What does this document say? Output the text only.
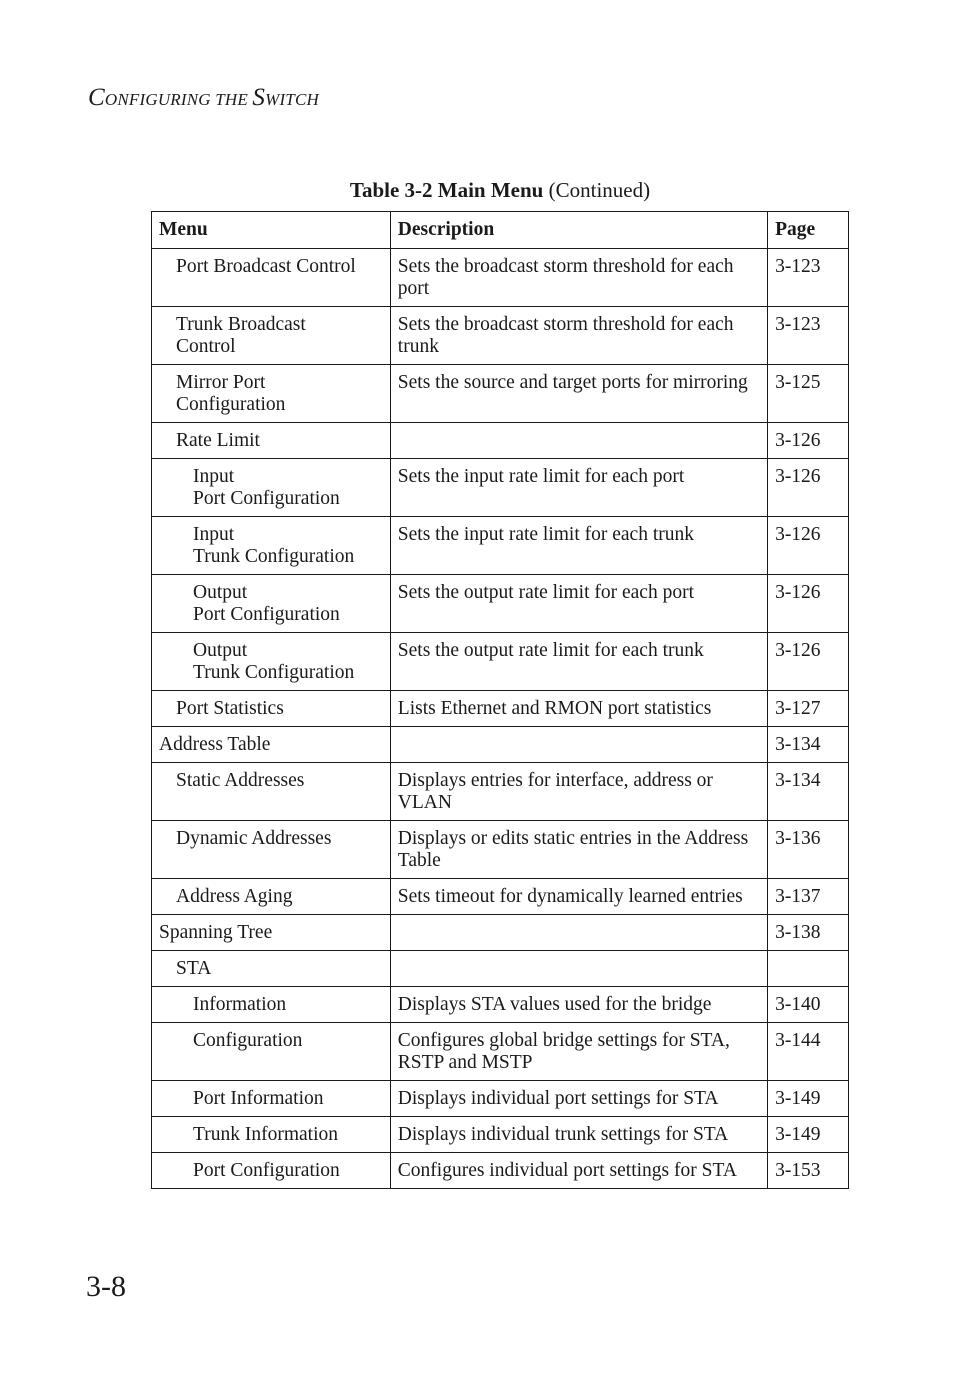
CONFIGURING THE SWITCH
Table 3-2 Main Menu (Continued)
Menu	Description	Page

Port Broadcast Control	Sets the broadcast storm threshold for each port	3-123

Trunk Broadcast
Control	Sets the broadcast storm threshold for each trunk	3-123

Mirror Port
Configuration	Sets the source and target ports for mirroring	3-125

Rate Limit		3-126

Input
Port Configuration	Sets the input rate limit for each port	3-126

Input
Trunk Configuration	Sets the input rate limit for each trunk	3-126

Output
Port Configuration	Sets the output rate limit for each port	3-126

Output
Trunk Configuration	Sets the output rate limit for each trunk	3-126

Port Statistics	Lists Ethernet and RMON port statistics	3-127

Address Table		3-134

Static Addresses	Displays entries for interface, address or VLAN	3-134

Dynamic Addresses	Displays or edits static entries in the Address Table	3-136

Address Aging	Sets timeout for dynamically learned entries	3-137

Spanning Tree		3-138

STA		

Information	Displays STA values used for the bridge	3-140

Configuration	Configures global bridge settings for STA, RSTP and MSTP	3-144

Port Information	Displays individual port settings for STA	3-149

Trunk Information	Displays individual trunk settings for STA	3-149

Port Configuration	Configures individual port settings for STA	3-153
3-8
